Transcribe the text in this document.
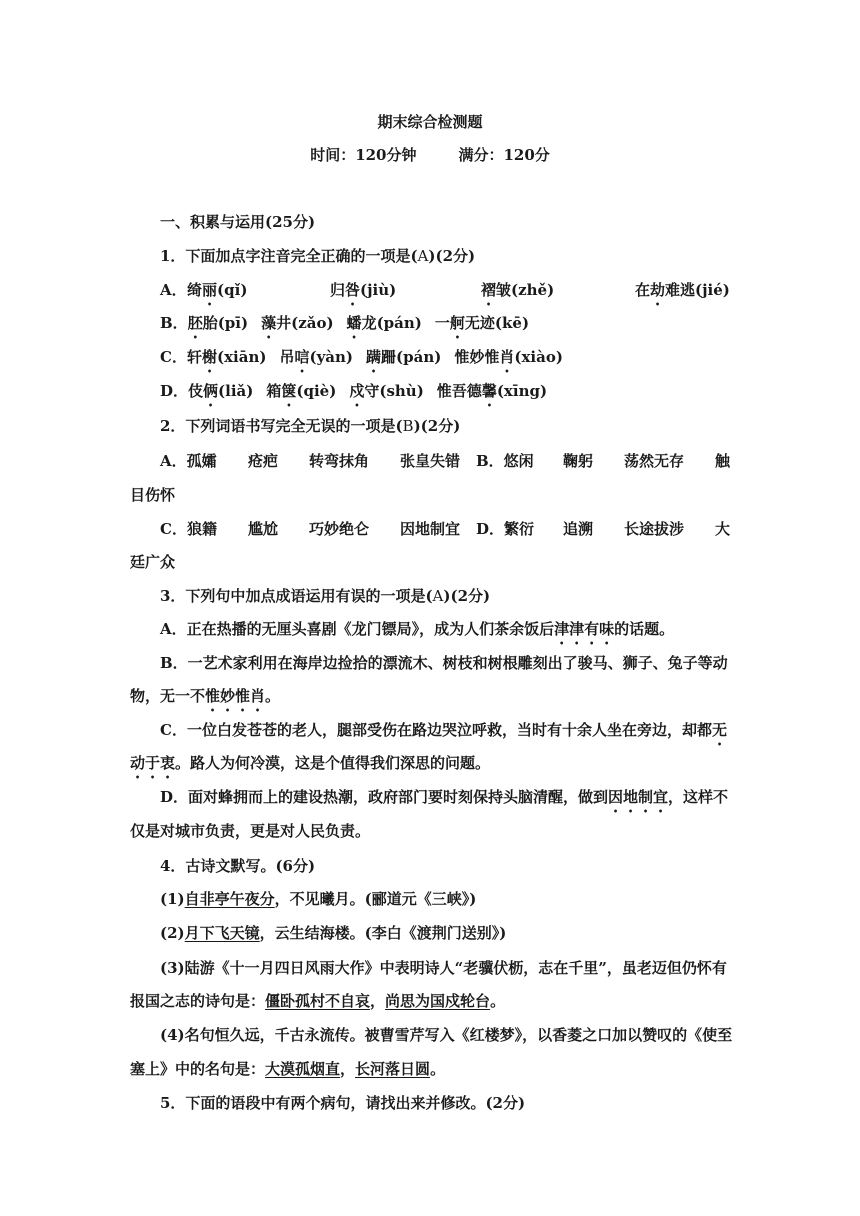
期末综合检测题
时间：120分钟	满分：120分
一、积累与运用(25分)
1．下面加点字注音完全正确的一项是(A)(2分)
A． 绮丽(qǐ)	归咎(jiù)	褶皱(zhě)	在劫难逃(jié)
B．胚胎(pī) 藻井(zǎo) 蟠龙(pán) 一舸无迹(kē)
C．轩榭(xiān) 吊唁(yàn) 蹒跚(pán) 惟妙惟肖(xiào)
D．伎俩(liǎ) 箱箧(qiè) 戍守(shù) 惟吾德馨(xīng)
2．下列词语书写完全无误的一项是(B)(2分)
A．孤孀 疮疤 转弯抹角 张皇失错 B．悠闲 鞠躬 荡然无存 触
目伤怀
C．狼籍 尴尬 巧妙绝仑 因地制宜 D．繁衍 追溯 长途拔涉 大
廷广众
3．下列句中加点成语运用有误的一项是(A)(2分)
A．正在热播的无厘头喜剧《龙门镖局》，成为人们茶余饭后津津有味的话题。
B．一艺术家利用在海岸边捡拾的漂流木、树枝和树根雕刻出了骏马、狮子、兔子等动
物，无一不惟妙惟肖。
C．一位白发苍苍的老人，腿部受伤在路边哭泣呼救，当时有十余人坐在旁边，却都无
动于衷。路人为何冷漠，这是个值得我们深思的问题。
D．面对蜂拥而上的建设热潮，政府部门要时刻保持头脑清醒，做到因地制宜，这样不
仅是对城市负责，更是对人民负责。
4．古诗文默写。(6分)
(1)自非亭午夜分，不见曦月。(郦道元《三峡》)
(2)月下飞天镜，云生结海楼。(李白《渡荆门送别》)
(3)陆游《十一月四日风雨大作》中表明诗人“老骥伏枥，志在千里”，虽老迈但仍怀有
报国之志的诗句是：僵卧孤村不自哀，尚思为国戍轮台。
(4)名句恒久远，千古永流传。被曹雪芹写入《红楼梦》，以香菱之口加以赞叹的《使至
塞上》中的名句是：大漠孤烟直，长河落日圆。
5．下面的语段中有两个病句，请找出来并修改。(2分)
